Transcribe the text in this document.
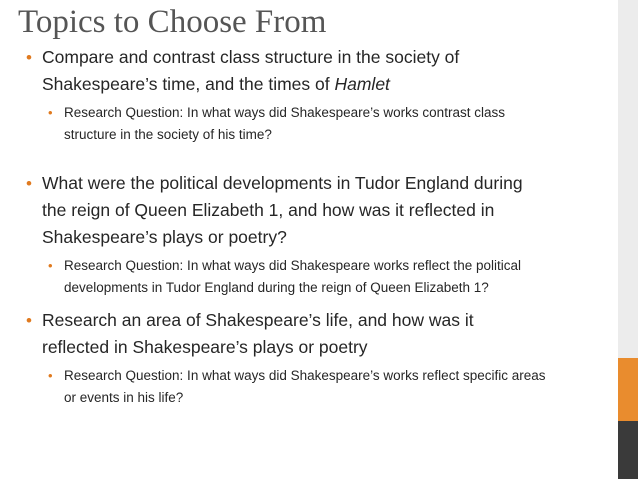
Topics to Choose From
• Compare and contrast class structure in the society of
Shakespeare’s time, and the times of Hamlet
• Research Question: In what ways did Shakespeare’s works contrast class
structure in the society of his time?
• What were the political developments in Tudor England during
the reign of Queen Elizabeth 1, and how was it reflected in
Shakespeare’s plays or poetry?
• Research Question: In what ways did Shakespeare works reflect the political
developments in Tudor England during the reign of Queen Elizabeth 1?
• Research an area of Shakespeare’s life, and how was it
reflected in Shakespeare’s plays or poetry
• Research Question: In what ways did Shakespeare’s works reflect specific areas
or events in his life?
